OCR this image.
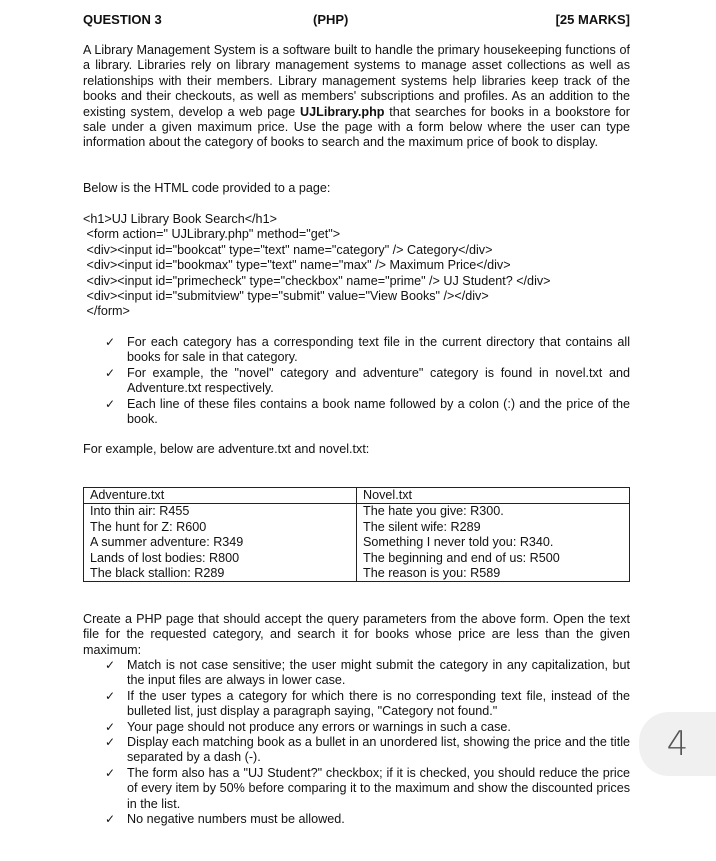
QUESTION 3	(PHP)	[25 MARKS]

A Library Management System is a software built to handle the primary housekeeping functions of a library. Libraries rely on library management systems to manage asset collections as well as relationships with their members. Library management systems help libraries keep track of the books and their checkouts, as well as members' subscriptions and profiles. As an addition to the existing system, develop a web page UJLibrary.php that searches for books in a bookstore for sale under a given maximum price. Use the page with a form below where the user can type information about the category of books to search and the maximum price of book to display.

Below is the HTML code provided to a page:

<h1>UJ Library Book Search</h1>
<form action=" UJLibrary.php" method="get">
<div><input id="bookcat" type="text" name="category" /> Category</div>
<div><input id="bookmax" type="text" name="max" /> Maximum Price</div>
<div><input id="primecheck" type="checkbox" name="prime" /> UJ Student? </div>
<div><input id="submitview" type="submit" value="View Books" /></div>
</form>
✓ For each category has a corresponding text file in the current directory that contains all books for sale in that category.
✓ For example, the "novel" category and adventure" category is found in novel.txt and Adventure.txt respectively.
✓ Each line of these files contains a book name followed by a colon (:) and the price of the book.

For example, below are adventure.txt and novel.txt:

Adventure.txt	Novel.txt
Into thin air: R455	The hate you give: R300.
The hunt for Z: R600	The silent wife: R289
A summer adventure: R349	Something I never told you: R340.
Lands of lost bodies: R800	The beginning and end of us: R500
The black stallion: R289	The reason is you: R589

Create a PHP page that should accept the query parameters from the above form. Open the text file for the requested category, and search it for books whose price are less than the given maximum:

✓ Match is not case sensitive; the user might submit the category in any capitalization, but the input files are always in lower case.
✓ If the user types a category for which there is no corresponding text file, instead of the bulleted list, just display a paragraph saying, "Category not found."
✓ Your page should not produce any errors or warnings in such a case.
✓ Display each matching book as a bullet in an unordered list, showing the price and the title separated by a dash (-).
✓ The form also has a "UJ Student?" checkbox; if it is checked, you should reduce the price of every item by 50% before comparing it to the maximum and show the discounted prices in the list.
✓ No negative numbers must be allowed.
4
